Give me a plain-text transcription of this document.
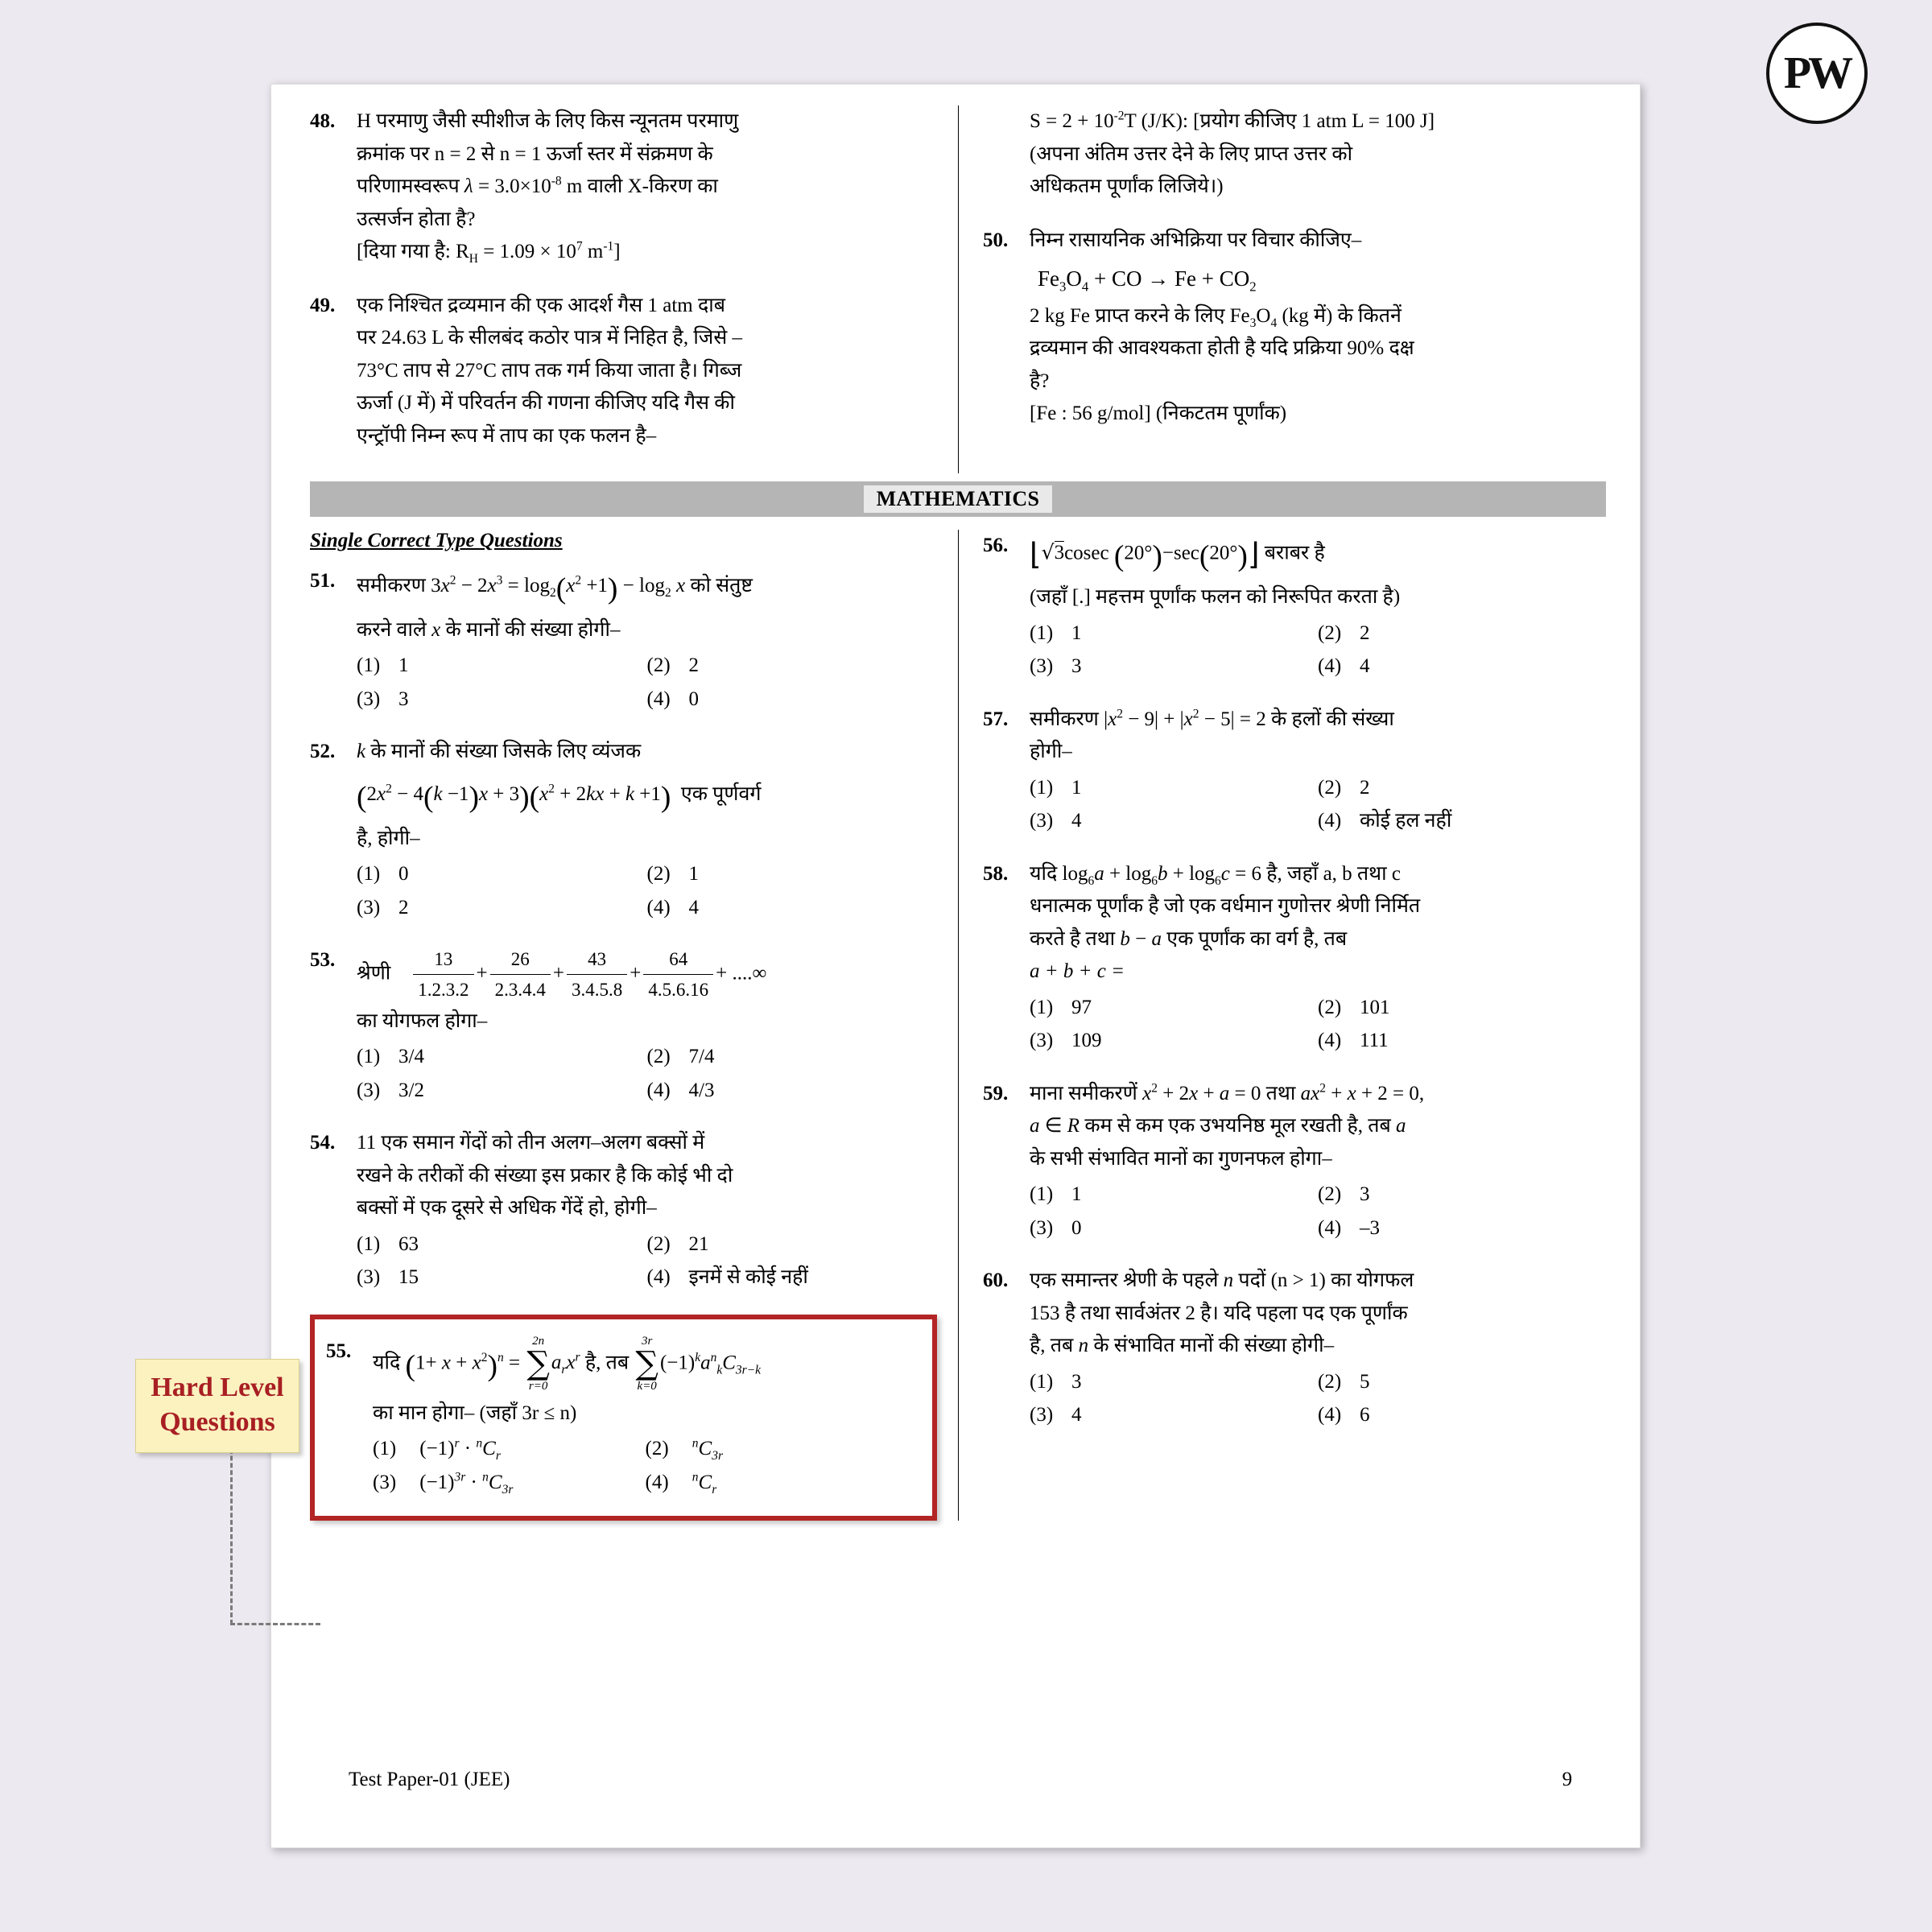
PW
Hard Level
Questions
48.	H परमाणु जैसी स्पीशीज के लिए किस न्यूनतम परमाणु
क्रमांक पर n = 2 से n = 1 ऊर्जा स्तर में संक्रमण के
परिणामस्वरूप $\lambda = 3.0\times 10^{-8}$ m वाली X-किरण का
उत्सर्जन होता है?
[दिया गया है: $R_H = 1.09 \times 10^7$ $m^{-1}$]
49.	एक निश्चित द्रव्यमान की एक आदर्श गैस 1 atm दाब
पर 24.63 L के सीलबंद कठोर पात्र में निहित है, जिसे –
73°C ताप से 27°C ताप तक गर्म किया जाता है। गिब्ज
ऊर्जा (J में) में परिवर्तन की गणना कीजिए यदि गैस की
एन्ट्रॉपी निम्न रूप में ताप का एक फलन है–

$S = 2 + 10^{-2}T$ (J/K): [प्रयोग कीजिए 1 atm L = 100 J]
(अपना अंतिम उत्तर देने के लिए प्राप्त उत्तर को
अधिकतम पूर्णांक लिजिये।)
50.	निम्न रासायनिक अभिक्रिया पर विचार कीजिए–
$Fe_3O_4$ + CO → $Fe + CO_2$
2 kg Fe प्राप्त करने के लिए $Fe_3O_4$ (kg में) के कितनें
द्रव्यमान की आवश्यकता होती है यदि प्रक्रिया 90% दक्ष
है?
[Fe : 56 g/mol] (निकटतम पूर्णांक)
MATHEMATICS
Single Correct Type Questions
51.	समीकरण $3x^2 - 2x^3 = \log_2(x^2 +1) - \log_2 x$ को संतुष्ट
करने वाले x के मानों की संख्या होगी–
(1) 1	(2) 2
(3) 3	(4) 0
52.	k के मानों की संख्या जिसके लिए व्यंजक
$(2x^2 - 4(k -1)x + 3)(x^2 + 2kx + k +1)$ एक पूर्णवर्ग
है, होगी–
(1) 0	(2) 1
(3) 2	(4) 4
53.
श्रेणी $\frac{13}{1.2.3.2} + \frac{26}{2.3.4.4} + \frac{43}{3.4.5.8} + \frac{64}{4.5.6.16}$ + ....∞
का योगफल होगा–
(1) 3/4	(2) 7/4
(3) 3/2	(4) 4/3
54.	11 एक समान गेंदों को तीन अलग–अलग बक्सों में
रखने के तरीकों की संख्या इस प्रकार है कि कोई भी दो
बक्सों में एक दूसरे से अधिक गेंदें हो, होगी–
(1) 63	(2) 21
(3) 15	(4) इनमें से कोई नहीं
55.
यदि $(1+ x + x^2)^n$ =
2n
∑
r=0
$a_rx^r$ है, तब
3r
∑
k=0
$(-1)^ka^n_kC_{3r-k}$
का मान होगा– (जहाँ 3r ≤ n)
(1) $(-1)^r \cdot ^nC_r$	(2) $^nC_{3r}$
(3) $(-1)^{3r} \cdot ^nC_{3r}$	(4) $^nC_r$
56. ⌊√3cosec (20°)−sec(20°)⌋ बराबर है
(जहाँ [.] महत्तम पूर्णांक फलन को निरूपित करता है)
(1) 1	(2) 2
(3) 3	(4) 4
57.	समीकरण $|x^2 - 9| + |x^2 - 5| = 2$ के हलों की संख्या
होगी–
(1) 1	(2) 2
(3) 4	(4) कोई हल नहीं
58.	यदि $\log_6a + \log_6b + \log_6c = 6$ है, जहाँ a, b तथा c
धनात्मक पूर्णांक है जो एक वर्धमान गुणोत्तर श्रेणी निर्मित
करते है तथा b − a एक पूर्णांक का वर्ग है, तब
a + b + c =
(1) 97	(2) 101
(3) 109	(4) 111
59.	माना समीकरणें $x^2 + 2x + a = 0$ तथा $ax^2 + x + 2 = 0$,
a ∈ R कम से कम एक उभयनिष्ठ मूल रखती है, तब a
के सभी संभावित मानों का गुणनफल होगा–
(1) 1	(2) 3
(3) 0	(4) –3
60.	एक समान्तर श्रेणी के पहले n पदों (n > 1) का योगफल
153 है तथा सार्वअंतर 2 है। यदि पहला पद एक पूर्णांक
है, तब n के संभावित मानों की संख्या होगी–
(1) 3	(2) 5
(3) 4	(4) 6
Test Paper-01 (JEE)	9
